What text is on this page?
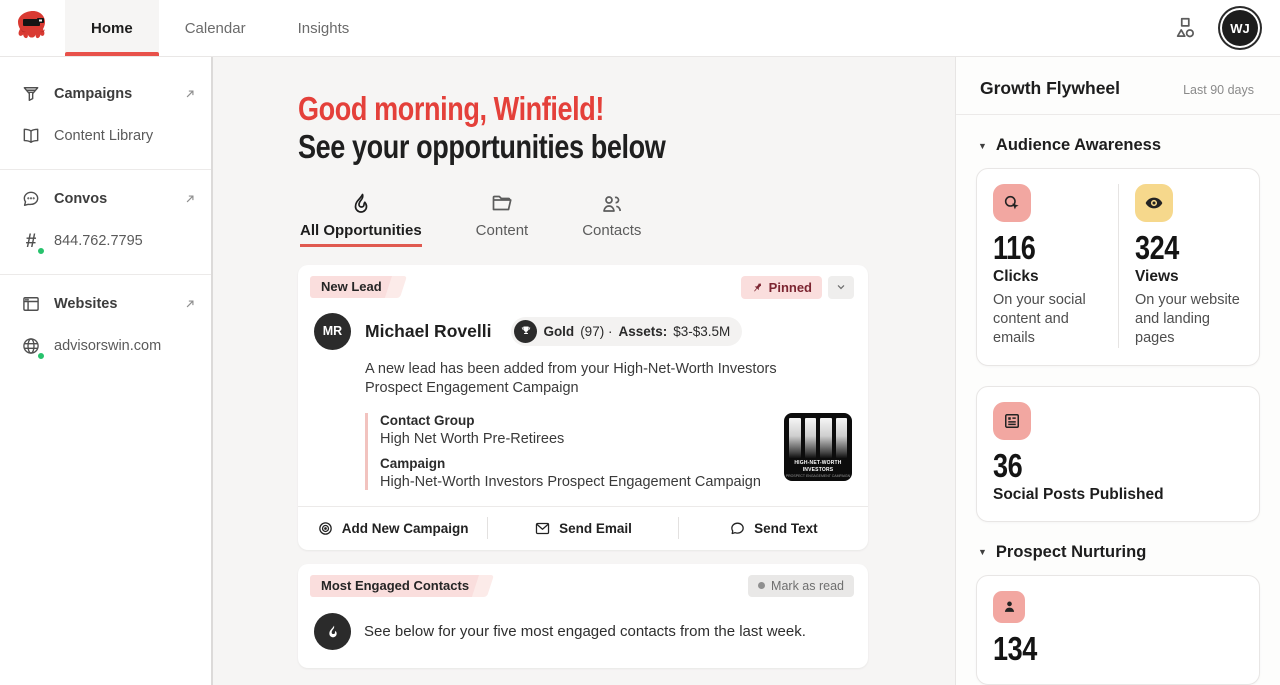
Home	Calendar	Insights	WJ
Campaigns
Content Library
Convos
# 844.762.7795
Websites
advisorswin.com
Good morning, Winfield!
See your opportunities below
All Opportunities	Content	Contacts
New Lead	Pinned
MR Michael Rovelli	Gold (97) · Assets: $3-$3.5M

A new lead has been added from your High-Net-Worth Investors Prospect Engagement Campaign

Contact Group
High Net Worth Pre-Retirees
Campaign
High-Net-Worth Investors Prospect Engagement Campaign
HIGH-NET-WORTH INVESTORS
PROSPECT ENGAGEMENT CAMPAIGN
Add New Campaign	Send Email	Send Text
Most Engaged Contacts	Mark as read
See below for your five most engaged contacts from the last week.
Growth Flywheel	Last 90 days
▼ Audience Awareness
116
Clicks
On your social content and emails
324
Views
On your website and landing pages
36
Social Posts Published
▼ Prospect Nurturing
134
